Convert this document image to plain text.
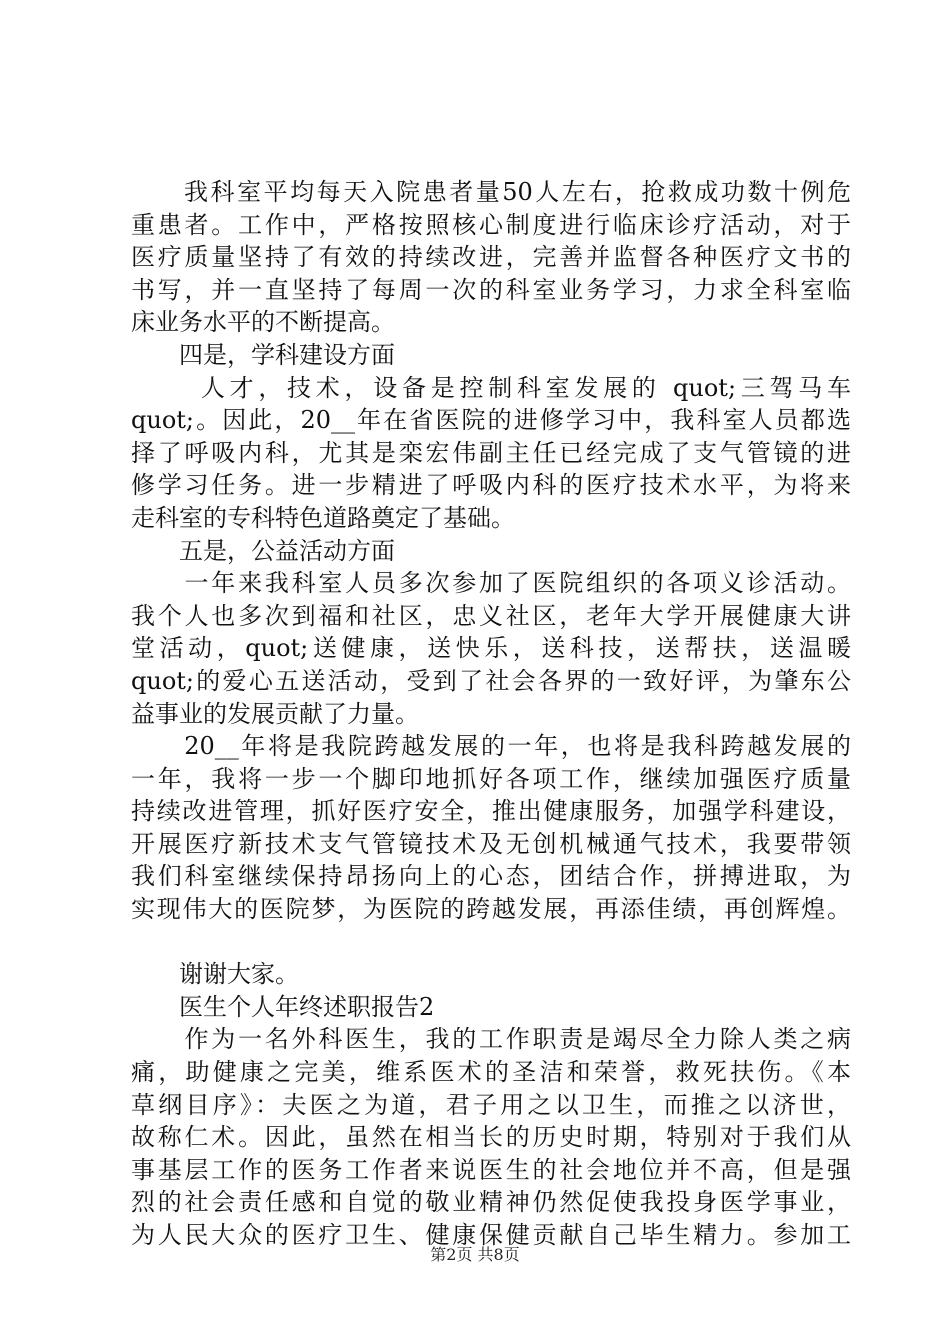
　　我科室平均每天入院患者量50人左右，抢救成功数十例危
重患者。工作中，严格按照核心制度进行临床诊疗活动，对于
医疗质量坚持了有效的持续改进，完善并监督各种医疗文书的
书写，并一直坚持了每周一次的科室业务学习，力求全科室临
床业务水平的不断提高。
　　四是，学科建设方面
　　 人才，技术，设备是控制科室发展的 quot;三驾马车
quot;。因此，20__年在省医院的进修学习中，我科室人员都选
择了呼吸内科，尤其是栾宏伟副主任已经完成了支气管镜的进
修学习任务。进一步精进了呼吸内科的医疗技术水平，为将来
走科室的专科特色道路奠定了基础。
　　五是，公益活动方面
　　一年来我科室人员多次参加了医院组织的各项义诊活动。
我个人也多次到福和社区，忠义社区，老年大学开展健康大讲
堂活动，quot;送健康，送快乐，送科技，送帮扶，送温暖
quot;的爱心五送活动，受到了社会各界的一致好评，为肇东公
益事业的发展贡献了力量。
　　20__年将是我院跨越发展的一年，也将是我科跨越发展的
一年，我将一步一个脚印地抓好各项工作，继续加强医疗质量
持续改进管理，抓好医疗安全，推出健康服务，加强学科建设，
开展医疗新技术支气管镜技术及无创机械通气技术，我要带领
我们科室继续保持昂扬向上的心态，团结合作，拼搏进取，为
实现伟大的医院梦，为医院的跨越发展，再添佳绩，再创辉煌。
　　谢谢大家。
　　医生个人年终述职报告2
　　作为一名外科医生，我的工作职责是竭尽全力除人类之病
痛，助健康之完美，维系医术的圣洁和荣誉，救死扶伤。《本
草纲目序》：夫医之为道，君子用之以卫生，而推之以济世，
故称仁术。因此，虽然在相当长的历史时期，特别对于我们从
事基层工作的医务工作者来说医生的社会地位并不高，但是强
烈的社会责任感和自觉的敬业精神仍然促使我投身医学事业，
为人民大众的医疗卫生、健康保健贡献自己毕生精力。参加工
第2页 共8页
